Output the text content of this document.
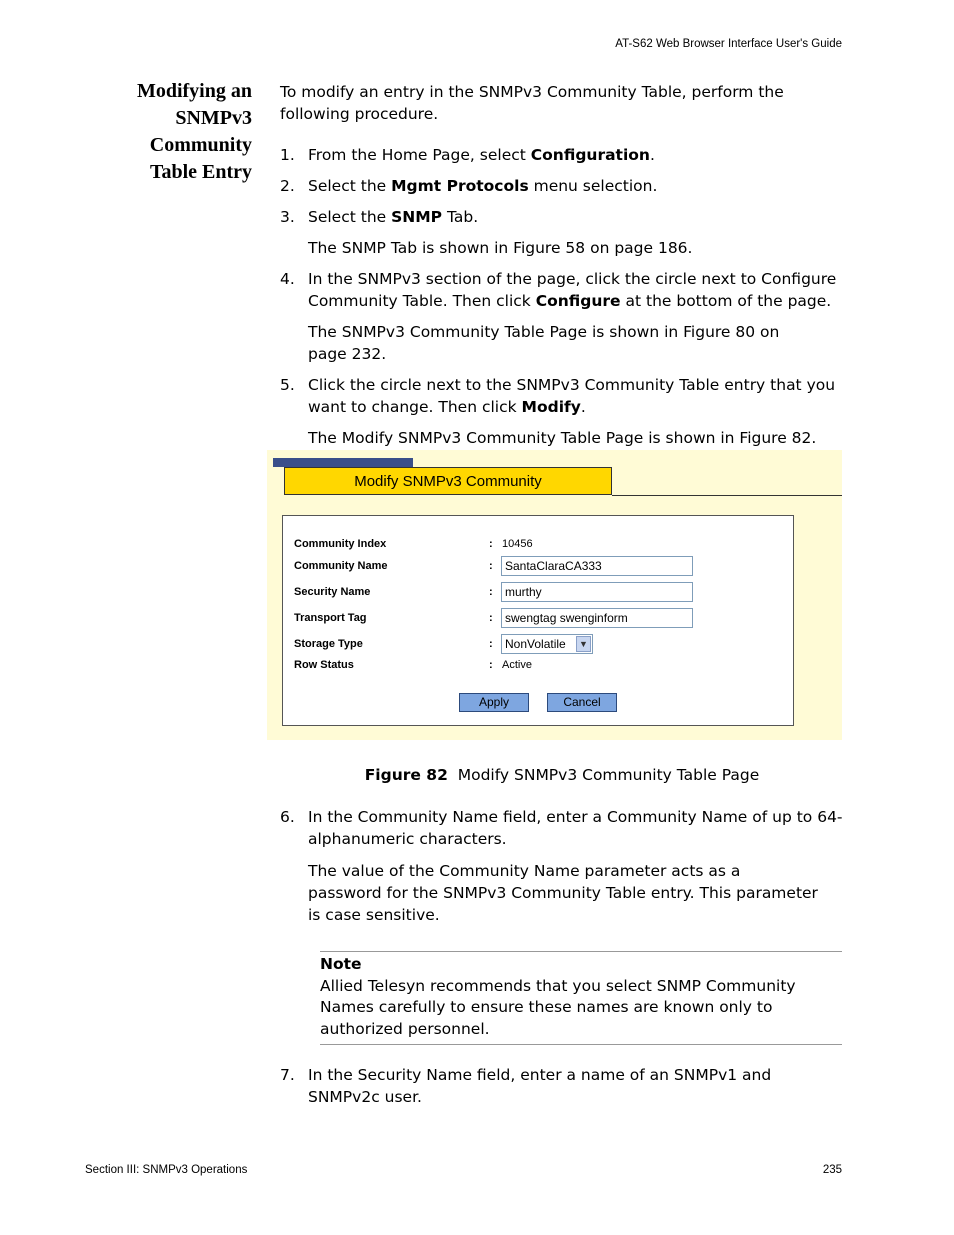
AT-S62 Web Browser Interface User's Guide
Modifying an
SNMPv3
Community
Table Entry
To modify an entry in the SNMPv3 Community Table, perform the following procedure.
1. From the Home Page, select Configuration.
2. Select the Mgmt Protocols menu selection.
3. Select the SNMP Tab.
The SNMP Tab is shown in Figure 58 on page 186.
4. In the SNMPv3 section of the page, click the circle next to Configure Community Table. Then click Configure at the bottom of the page.
The SNMPv3 Community Table Page is shown in Figure 80 on page 232.
5. Click the circle next to the SNMPv3 Community Table entry that you want to change. Then click Modify.
The Modify SNMPv3 Community Table Page is shown in Figure 82.
Modify SNMPv3 Community
Community Index	: 10456
Community Name	:	SantaClaraCA333
Security Name	:	murthy
Transport Tag	:	swengtag swenginform
Storage Type	: NonVolatile	▼
Row Status	: Active
Apply	Cancel
Figure 82 Modify SNMPv3 Community Table Page
6. In the Community Name field, enter a Community Name of up to 64-alphanumeric characters.
The value of the Community Name parameter acts as a password for the SNMPv3 Community Table entry. This parameter is case sensitive.
Note
Allied Telesyn recommends that you select SNMP Community Names carefully to ensure these names are known only to authorized personnel.
7. In the Security Name field, enter a name of an SNMPv1 and SNMPv2c user.
Section III: SNMPv3 Operations	235
